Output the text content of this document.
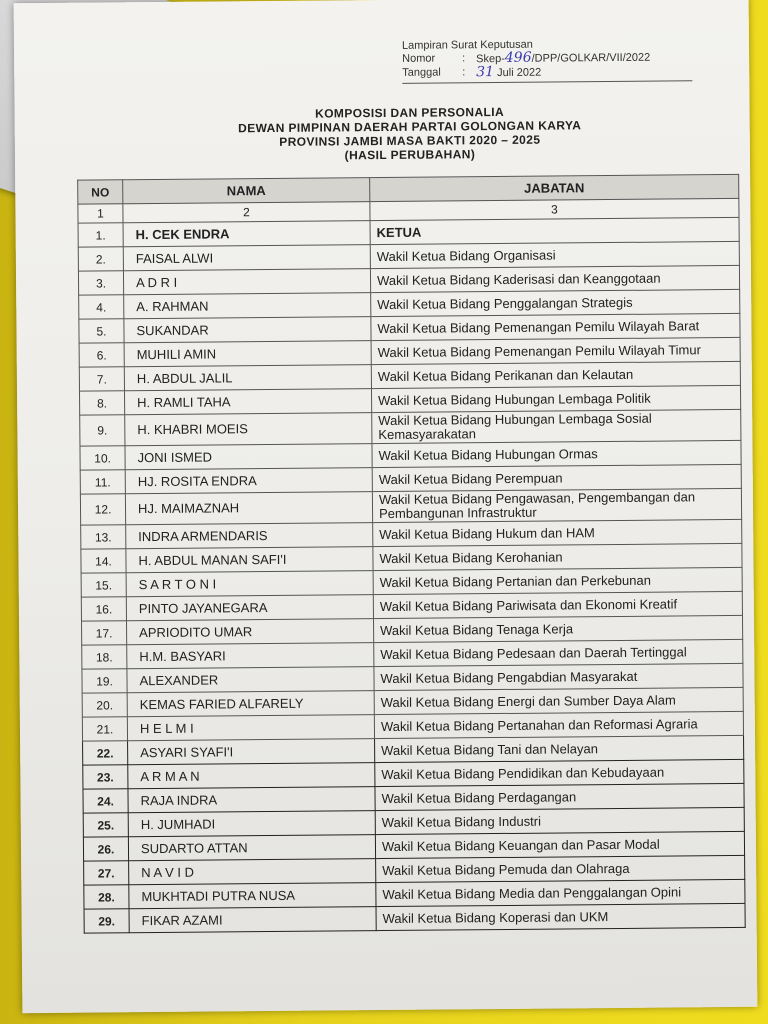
Lampiran Surat Keputusan
Nomor	: Skep-496/DPP/GOLKAR/VII/2022
Tanggal	: 31 Juli 2022
KOMPOSISI DAN PERSONALIA
DEWAN PIMPINAN DAERAH PARTAI GOLONGAN KARYA
PROVINSI JAMBI MASA BAKTI 2020 – 2025
(HASIL PERUBAHAN)
NO	NAMA	JABATAN
1	2	3
1.	H. CEK ENDRA	KETUA
2.	FAISAL ALWI	Wakil Ketua Bidang Organisasi
3.	A D R I	Wakil Ketua Bidang Kaderisasi dan Keanggotaan
4.	A. RAHMAN	Wakil Ketua Bidang Penggalangan Strategis
5.	SUKANDAR	Wakil Ketua Bidang Pemenangan Pemilu Wilayah Barat
6.	MUHILI AMIN	Wakil Ketua Bidang Pemenangan Pemilu Wilayah Timur
7.	H. ABDUL JALIL	Wakil Ketua Bidang Perikanan dan Kelautan
8.	H. RAMLI TAHA	Wakil Ketua Bidang Hubungan Lembaga Politik
9.	H. KHABRI MOEIS	Wakil Ketua Bidang Hubungan Lembaga Sosial Kemasyarakatan
10.	JONI ISMED	Wakil Ketua Bidang Hubungan Ormas
11.	HJ. ROSITA ENDRA	Wakil Ketua Bidang Perempuan
12.	HJ. MAIMAZNAH	Wakil Ketua Bidang Pengawasan, Pengembangan dan Pembangunan Infrastruktur
13.	INDRA ARMENDARIS	Wakil Ketua Bidang Hukum dan HAM
14.	H. ABDUL MANAN SAFI'I	Wakil Ketua Bidang Kerohanian
15.	S A R T O N I	Wakil Ketua Bidang Pertanian dan Perkebunan
16.	PINTO JAYANEGARA	Wakil Ketua Bidang Pariwisata dan Ekonomi Kreatif
17.	APRIODITO UMAR	Wakil Ketua Bidang Tenaga Kerja
18.	H.M. BASYARI	Wakil Ketua Bidang Pedesaan dan Daerah Tertinggal
19.	ALEXANDER	Wakil Ketua Bidang Pengabdian Masyarakat
20.	KEMAS FARIED ALFARELY	Wakil Ketua Bidang Energi dan Sumber Daya Alam
21.	H E L M I	Wakil Ketua Bidang Pertanahan dan Reformasi Agraria
22.	ASYARI SYAFI'I	Wakil Ketua Bidang Tani dan Nelayan
23.	A R M A N	Wakil Ketua Bidang Pendidikan dan Kebudayaan
24.	RAJA INDRA	Wakil Ketua Bidang Perdagangan
25.	H. JUMHADI	Wakil Ketua Bidang Industri
26.	SUDARTO ATTAN	Wakil Ketua Bidang Keuangan dan Pasar Modal
27.	N A V I D	Wakil Ketua Bidang Pemuda dan Olahraga
28.	MUKHTADI PUTRA NUSA	Wakil Ketua Bidang Media dan Penggalangan Opini
29.	FIKAR AZAMI	Wakil Ketua Bidang Koperasi dan UKM
